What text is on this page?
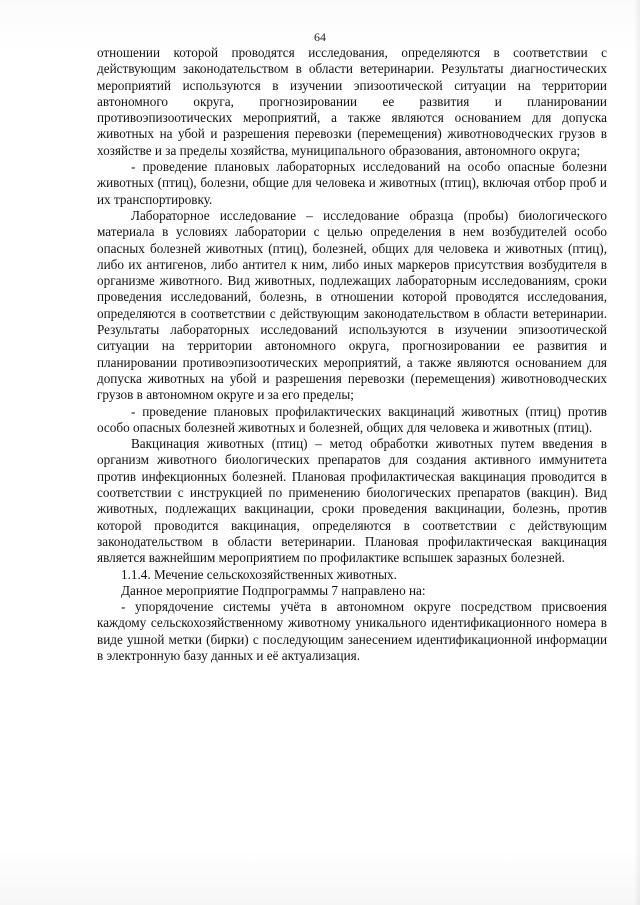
64

отношении которой проводятся исследования, определяются в соответствии с действующим законодательством в области ветеринарии. Результаты диагностических мероприятий используются в изучении эпизоотической ситуации на территории автономного округа, прогнозировании ее развития и планировании противоэпизоотических мероприятий, а также являются основанием для допуска животных на убой и разрешения перевозки (перемещения) животноводческих грузов в хозяйстве и за пределы хозяйства, муниципального образования, автономного округа;

- проведение плановых лабораторных исследований на особо опасные болезни животных (птиц), болезни, общие для человека и животных (птиц), включая отбор проб и их транспортировку.

Лабораторное исследование – исследование образца (пробы) биологического материала в условиях лаборатории с целью определения в нем возбудителей особо опасных болезней животных (птиц), болезней, общих для человека и животных (птиц), либо их антигенов, либо антител к ним, либо иных маркеров присутствия возбудителя в организме животного. Вид животных, подлежащих лабораторным исследованиям, сроки проведения исследований, болезнь, в отношении которой проводятся исследования, определяются в соответствии с действующим законодательством в области ветеринарии. Результаты лабораторных исследований используются в изучении эпизоотической ситуации на территории автономного округа, прогнозировании ее развития и планировании противоэпизоотических мероприятий, а также являются основанием для допуска животных на убой и разрешения перевозки (перемещения) животноводческих грузов в автономном округе и за его пределы;

- проведение плановых профилактических вакцинаций животных (птиц) против особо опасных болезней животных и болезней, общих для человека и животных (птиц).

Вакцинация животных (птиц) – метод обработки животных путем введения в организм животного биологических препаратов для создания активного иммунитета против инфекционных болезней. Плановая профилактическая вакцинация проводится в соответствии с инструкцией по применению биологических препаратов (вакцин). Вид животных, подлежащих вакцинации, сроки проведения вакцинации, болезнь, против которой проводится вакцинация, определяются в соответствии с действующим законодательством в области ветеринарии. Плановая профилактическая вакцинация является важнейшим мероприятием по профилактике вспышек заразных болезней.

1.1.4. Мечение сельскохозяйственных животных.

Данное мероприятие Подпрограммы 7 направлено на:

- упорядочение системы учёта в автономном округе посредством присвоения каждому сельскохозяйственному животному уникального идентификационного номера в виде ушной метки (бирки) с последующим занесением идентификационной информации в электронную базу данных и её актуализация.
